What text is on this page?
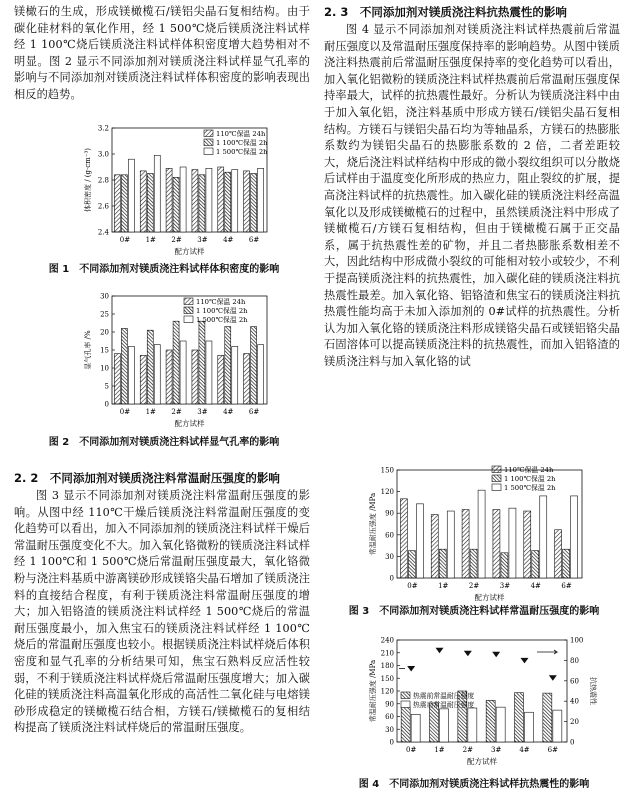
镁橄石的生成，形成镁橄榄石/镁铝尖晶石复相结构。由于碳化硅材料的氧化作用，经 1 500℃烧后镁质浇注料试样经 1 100℃烧后镁质浇注料试样体积密度增大趋势相对不明显。图 2 显示不同添加剂对镁质浇注料试样显气孔率的影响与不同添加剂对镁质浇注料试样体积密度的影响表现出相反的趋势。

2.4
2.6
2.8
3.0
3.2
0# 1# 2# 3# 4# 6#
配方试样
体积密度 / (g·cm⁻³)
110℃保温 24h
1 100℃保温 2h
1 500℃保温 2h

图 1　不同添加剂对镁质浇注料试样体积密度的影响

0
5
10
15
20
25
30
0# 1# 2# 3# 4# 6#
配方试样
显气孔率 /%
110℃保温 24h
1 100℃保温 2h
1 500℃保温 2h

图 2　不同添加剂对镁质浇注料试样显气孔率的影响

2. 2　不同添加剂对镁质浇注料常温耐压强度的影响

图 3 显示不同添加剂对镁质浇注料常温耐压强度的影响。从图中经 110℃干燥后镁质浇注料常温耐压强度的变化趋势可以看出，加入不同添加剂的镁质浇注料试样干燥后常温耐压强度变化不大。加入氧化铬微粉的镁质浇注料试样经 1 100℃和 1 500℃烧后常温耐压强度最大，氧化铬微粉与浇注料基质中游离镁砂形成镁铬尖晶石增加了镁质浇注料的直接结合程度，有利于镁质浇注料常温耐压强度的增大；加入铝铬渣的镁质浇注料试样经 1 500℃烧后的常温耐压强度最小，加入焦宝石的镁质浇注料试样经 1 100℃烧后的常温耐压强度也较小。根据镁质浇注料试样烧后体积密度和显气孔率的分析结果可知，焦宝石熟料反应活性较弱，不利于镁质浇注料试样烧后常温耐压强度增大；加入碳化硅的镁质浇注料高温氧化形成的高活性二氧化硅与电熔镁砂形成稳定的镁橄榄石结合相，方镁石/镁橄榄石的复相结构提高了镁质浇注料试样烧后的常温耐压强度。

2. 3　不同添加剂对镁质浇注料抗热震性的影响

图 4 显示不同添加剂对镁质浇注料试样热震前后常温耐压强度以及常温耐压强度保持率的影响趋势。从图中镁质浇注料热震前后常温耐压强度保持率的变化趋势可以看出，加入氧化铝微粉的镁质浇注料试样热震前后常温耐压强度保持率最大，试样的抗热震性最好。分析认为镁质浇注料中由于加入氧化铝，浇注料基质中形成方镁石/镁铝尖晶石复相结构。方镁石与镁铝尖晶石均为等轴晶系，方镁石的热膨胀系数约为镁铝尖晶石的热膨胀系数的 2 倍，二者差距较大，烧后浇注料试样结构中形成的微小裂纹组织可以分散烧后试样由于温度变化所形成的热应力，阻止裂纹的扩展，提高浇注料试样的抗热震性。加入碳化硅的镁质浇注料经高温氧化以及形成镁橄榄石的过程中，虽然镁质浇注料中形成了镁橄榄石/方镁石复相结构，但由于镁橄榄石属于正交晶系，属于抗热震性差的矿物，并且二者热膨胀系数相差不大，因此结构中形成微小裂纹的可能相对较小或较少，不利于提高镁质浇注料的抗热震性，加入碳化硅的镁质浇注料抗热震性最差。加入氧化铬、铝铬渣和焦宝石的镁质浇注料抗热震性能均高于未加入添加剂的 0#试样的抗热震性。分析认为加入氧化铬的镁质浇注料形成镁铬尖晶石或镁铝铬尖晶石固溶体可以提高镁质浇注料的抗热震性，而加入铝铬渣的镁质浇注料与加入氧化铬的试

0
30
60
90
120
150
0#	1#	2#	3#	4#	6#
配方试样
常温耐压强度 /MPa
110℃保温 24h
1 100℃保温 2h
1 500℃保温 2h

图 3　不同添加剂对镁质浇注料试样常温耐压强度的影响

0
30
60
90
120
150
180
210
240
0#	1#	2#	3#	4#	6#
配方试样
常温耐压强度 /MPa
0
20
40
60
80
100
抗热震性
热震前常温耐压强度
热震后常温耐压强度

图 4　不同添加剂对镁质浇注料试样抗热震性的影响
